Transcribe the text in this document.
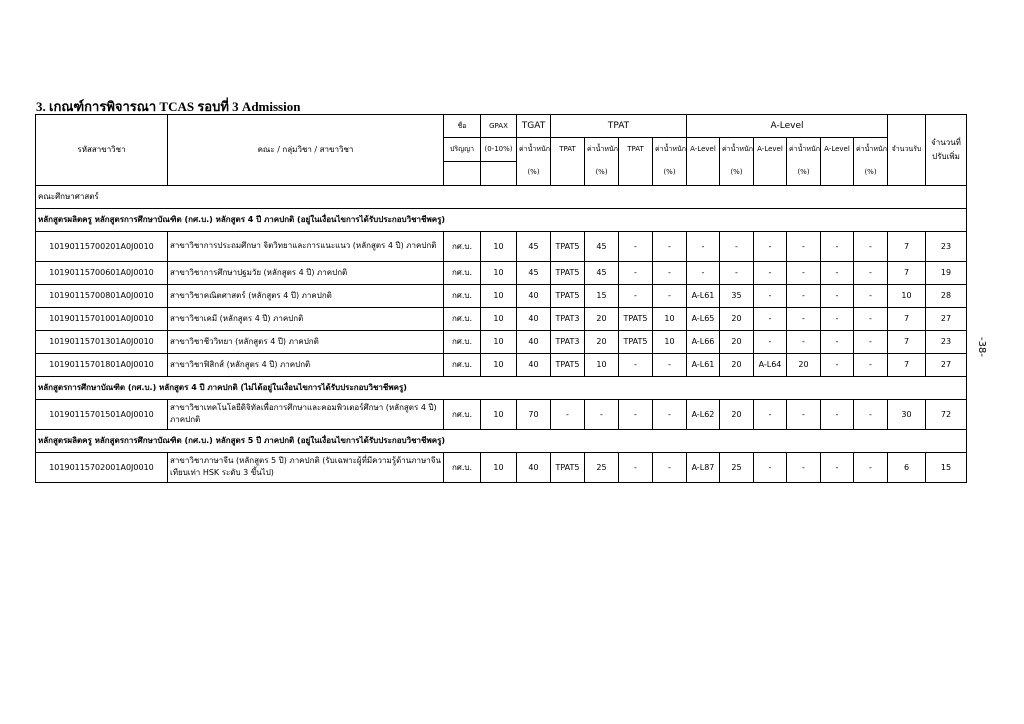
3. เกณฑ์การพิจารณา TCAS รอบที่ 3 Admission
-38-
รหัสสาขาวิชา	คณะ / กลุ่มวิชา / สาขาวิชา	ชื่อ	GPAX	TGAT	TPAT				A-Level						จำนวนรับ	จำนวนที่ปรับเพิ่ม
		ปริญญา	(0-10%)	ค่าน้ำหนัก	TPAT	ค่าน้ำหนัก	TPAT	ค่าน้ำหนัก	A-Level	ค่าน้ำหนัก	A-Level	ค่าน้ำหนัก	A-Level	ค่าน้ำหนัก		
				(%)		(%)		(%)		(%)		(%)		(%)		
คณะศึกษาศาสตร์																
หลักสูตรผลิตครู หลักสูตรการศึกษาบัณฑิต (กศ.บ.) หลักสูตร 4 ปี ภาคปกติ (อยู่ในเงื่อนไขการได้รับประกอบวิชาชีพครู)																
10190115700201A0J0010	สาขาวิชาการประถมศึกษา จิตวิทยาและการแนะแนว (หลักสูตร 4 ปี) ภาคปกติ	กศ.บ.	10	45	TPAT5	45	-	-	-	-	-	-	-	-	7	23
10190115700601A0J0010	สาขาวิชาการศึกษาปฐมวัย (หลักสูตร 4 ปี) ภาคปกติ	กศ.บ.	10	45	TPAT5	45	-	-	-	-	-	-	-	-	7	19
10190115700801A0J0010	สาขาวิชาคณิตศาสตร์ (หลักสูตร 4 ปี) ภาคปกติ	กศ.บ.	10	40	TPAT5	15	-	-	A-L61	35	-	-	-	-	10	28
10190115701001A0J0010	สาขาวิชาเคมี (หลักสูตร 4 ปี) ภาคปกติ	กศ.บ.	10	40	TPAT3	20	TPAT5	10	A-L65	20	-	-	-	-	7	27
10190115701301A0J0010	สาขาวิชาชีววิทยา (หลักสูตร 4 ปี) ภาคปกติ	กศ.บ.	10	40	TPAT3	20	TPAT5	10	A-L66	20	-	-	-	-	7	23
10190115701801A0J0010	สาขาวิชาฟิสิกส์ (หลักสูตร 4 ปี) ภาคปกติ	กศ.บ.	10	40	TPAT5	10	-	-	A-L61	20	A-L64	20	-	-	7	27
หลักสูตรการศึกษาบัณฑิต (กศ.บ.) หลักสูตร 4 ปี ภาคปกติ (ไม่ได้อยู่ในเงื่อนไขการได้รับประกอบวิชาชีพครู)																
10190115701501A0J0010	สาขาวิชาเทคโนโลยีดิจิทัลเพื่อการศึกษาและคอมพิวเตอร์ศึกษา (หลักสูตร 4 ปี) ภาคปกติ	กศ.บ.	10	70	-	-	-	-	A-L62	20	-	-	-	-	30	72
หลักสูตรผลิตครู หลักสูตรการศึกษาบัณฑิต (กศ.บ.) หลักสูตร 5 ปี ภาคปกติ (อยู่ในเงื่อนไขการได้รับประกอบวิชาชีพครู)																
10190115702001A0J0010	สาขาวิชาภาษาจีน (หลักสูตร 5 ปี) ภาคปกติ (รับเฉพาะผู้ที่มีความรู้ด้านภาษาจีน เทียบเท่า HSK ระดับ 3 ขึ้นไป)	กศ.บ.	10	40	TPAT5	25	-	-	A-L87	25	-	-	-	-	6	15
